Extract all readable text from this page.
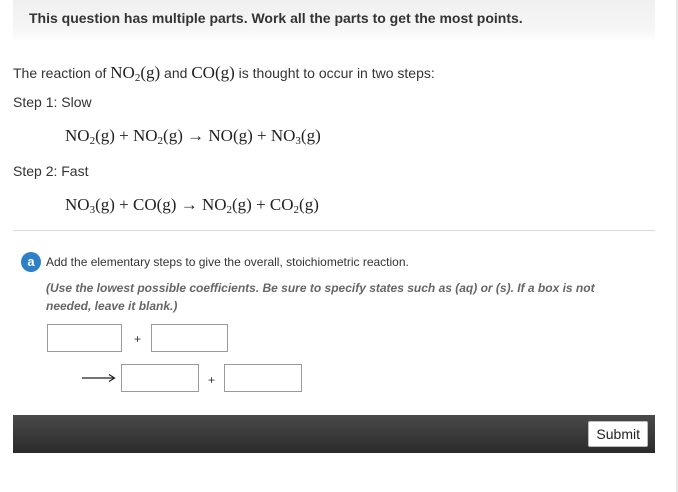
This question has multiple parts. Work all the parts to get the most points.
The reaction of $NO_2(g)$ and CO(g) is thought to occur in two steps:
Step 1: Slow
$NO_2(g) + NO_2(g) \to NO(g) + NO_3(g)$
Step 2: Fast
$NO_3(g) + CO(g) \to NO_2(g) + CO_2(g)$
a Add the elementary steps to give the overall, stoichiometric reaction.
(Use the lowest possible coefficients. Be sure to specify states such as (aq) or (s). If a box is not needed, leave it blank.)
+
+
Submit
